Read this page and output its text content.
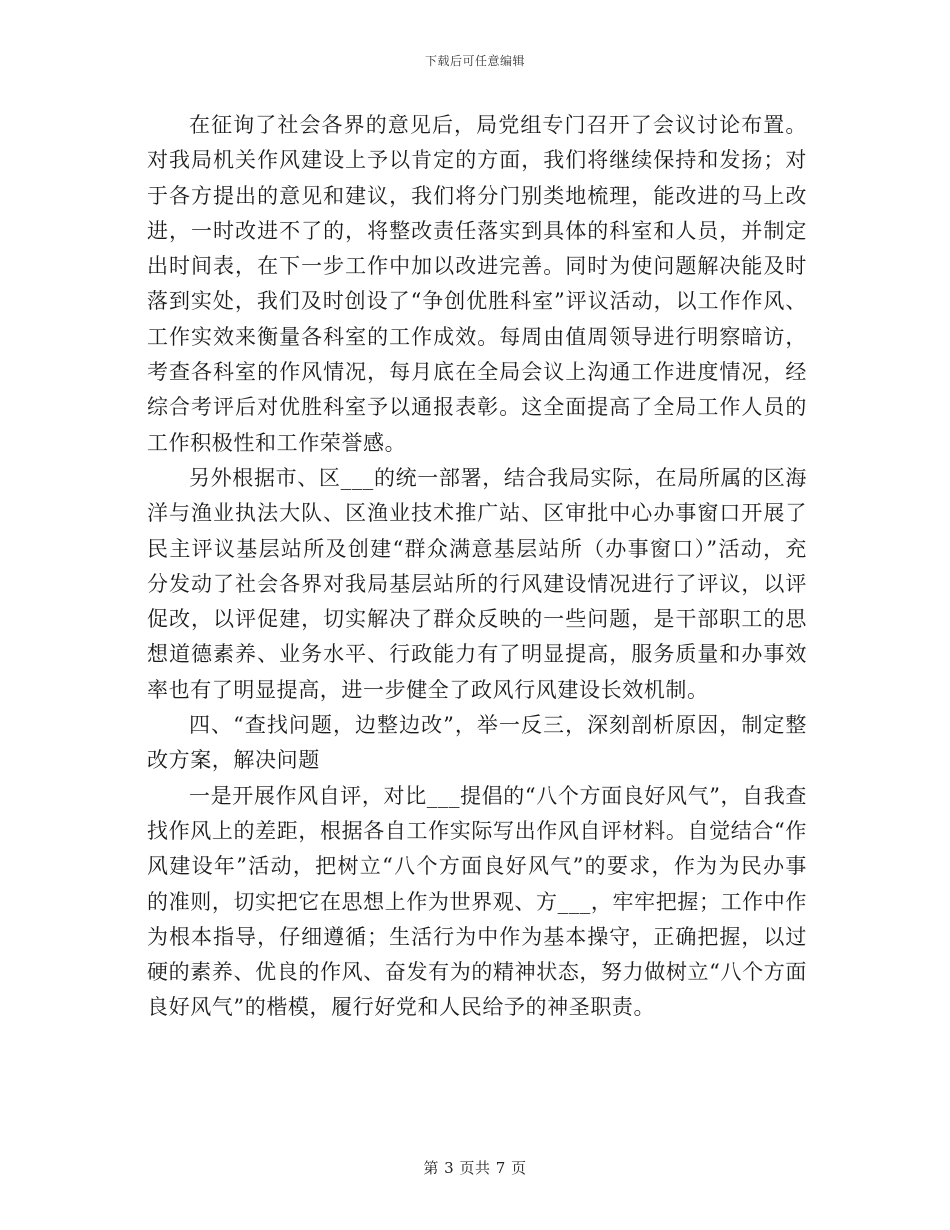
下载后可任意编辑

在征询了社会各界的意见后，局党组专门召开了会议讨论布置。对我局机关作风建设上予以肯定的方面，我们将继续保持和发扬；对于各方提出的意见和建议，我们将分门别类地梳理，能改进的马上改进，一时改进不了的，将整改责任落实到具体的科室和人员，并制定出时间表，在下一步工作中加以改进完善。同时为使问题解决能及时落到实处，我们及时创设了“争创优胜科室”评议活动，以工作作风、工作实效来衡量各科室的工作成效。每周由值周领导进行明察暗访，考查各科室的作风情况，每月底在全局会议上沟通工作进度情况，经综合考评后对优胜科室予以通报表彰。这全面提高了全局工作人员的工作积极性和工作荣誉感。

另外根据市、区___的统一部署，结合我局实际，在局所属的区海洋与渔业执法大队、区渔业技术推广站、区审批中心办事窗口开展了民主评议基层站所及创建“群众满意基层站所（办事窗口）”活动，充分发动了社会各界对我局基层站所的行风建设情况进行了评议，以评促改，以评促建，切实解决了群众反映的一些问题，是干部职工的思想道德素养、业务水平、行政能力有了明显提高，服务质量和办事效率也有了明显提高，进一步健全了政风行风建设长效机制。

四、“查找问题，边整边改”，举一反三，深刻剖析原因，制定整改方案，解决问题

一是开展作风自评，对比___提倡的“八个方面良好风气”，自我查找作风上的差距，根据各自工作实际写出作风自评材料。自觉结合“作风建设年”活动，把树立“八个方面良好风气”的要求，作为为民办事的准则，切实把它在思想上作为世界观、方___，牢牢把握；工作中作为根本指导，仔细遵循；生活行为中作为基本操守，正确把握，以过硬的素养、优良的作风、奋发有为的精神状态，努力做树立“八个方面良好风气”的楷模，履行好党和人民给予的神圣职责。

第 3 页共 7 页
